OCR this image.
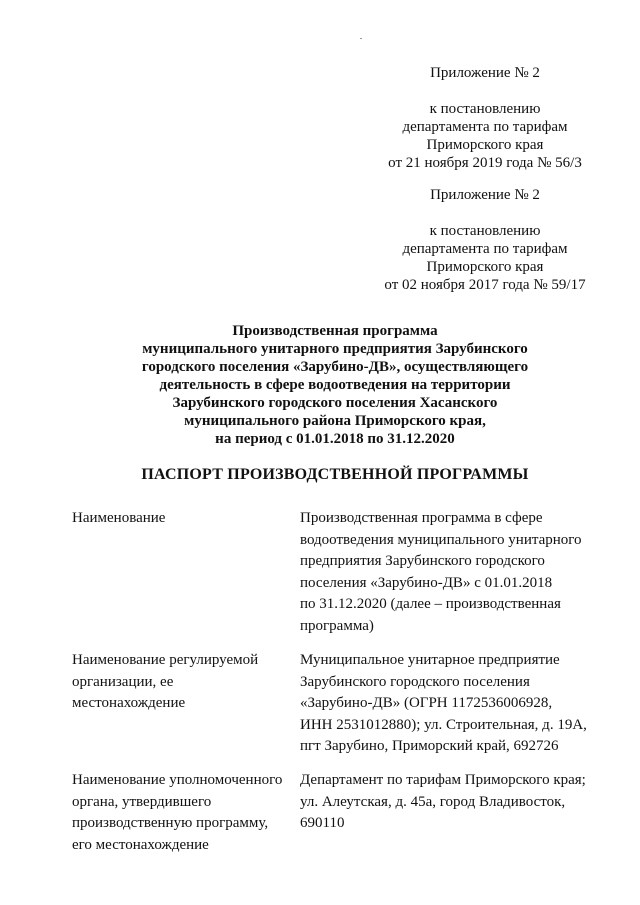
Приложение № 2
к постановлению
департамента по тарифам
Приморского края
от 21 ноября 2019 года № 56/3
Приложение № 2
к постановлению
департамента по тарифам
Приморского края
от 02 ноября 2017 года № 59/17
Производственная программа
муниципального унитарного предприятия Зарубинского
городского поселения «Зарубино-ДВ», осуществляющего
деятельность в сфере водоотведения на территории
Зарубинского городского поселения Хасанского
муниципального района Приморского края,
на период с 01.01.2018 по 31.12.2020
ПАСПОРТ ПРОИЗВОДСТВЕННОЙ ПРОГРАММЫ
Наименование	Производственная программа в сфере
водоотведения муниципального унитарного
предприятия Зарубинского городского
поселения «Зарубино-ДВ» с 01.01.2018
по 31.12.2020 (далее – производственная
программа)
Наименование регулируемой
организации, ее
местонахождение
Муниципальное унитарное предприятие
Зарубинского городского поселения
«Зарубино-ДВ» (ОГРН 1172536006928,
ИНН 2531012880); ул. Строительная, д. 19А,
пгт Зарубино, Приморский край, 692726
Наименование уполномоченного
органа, утвердившего
производственную программу,
его местонахождение
Департамент по тарифам Приморского края;
ул. Алеутская, д. 45а, город Владивосток,
690110
